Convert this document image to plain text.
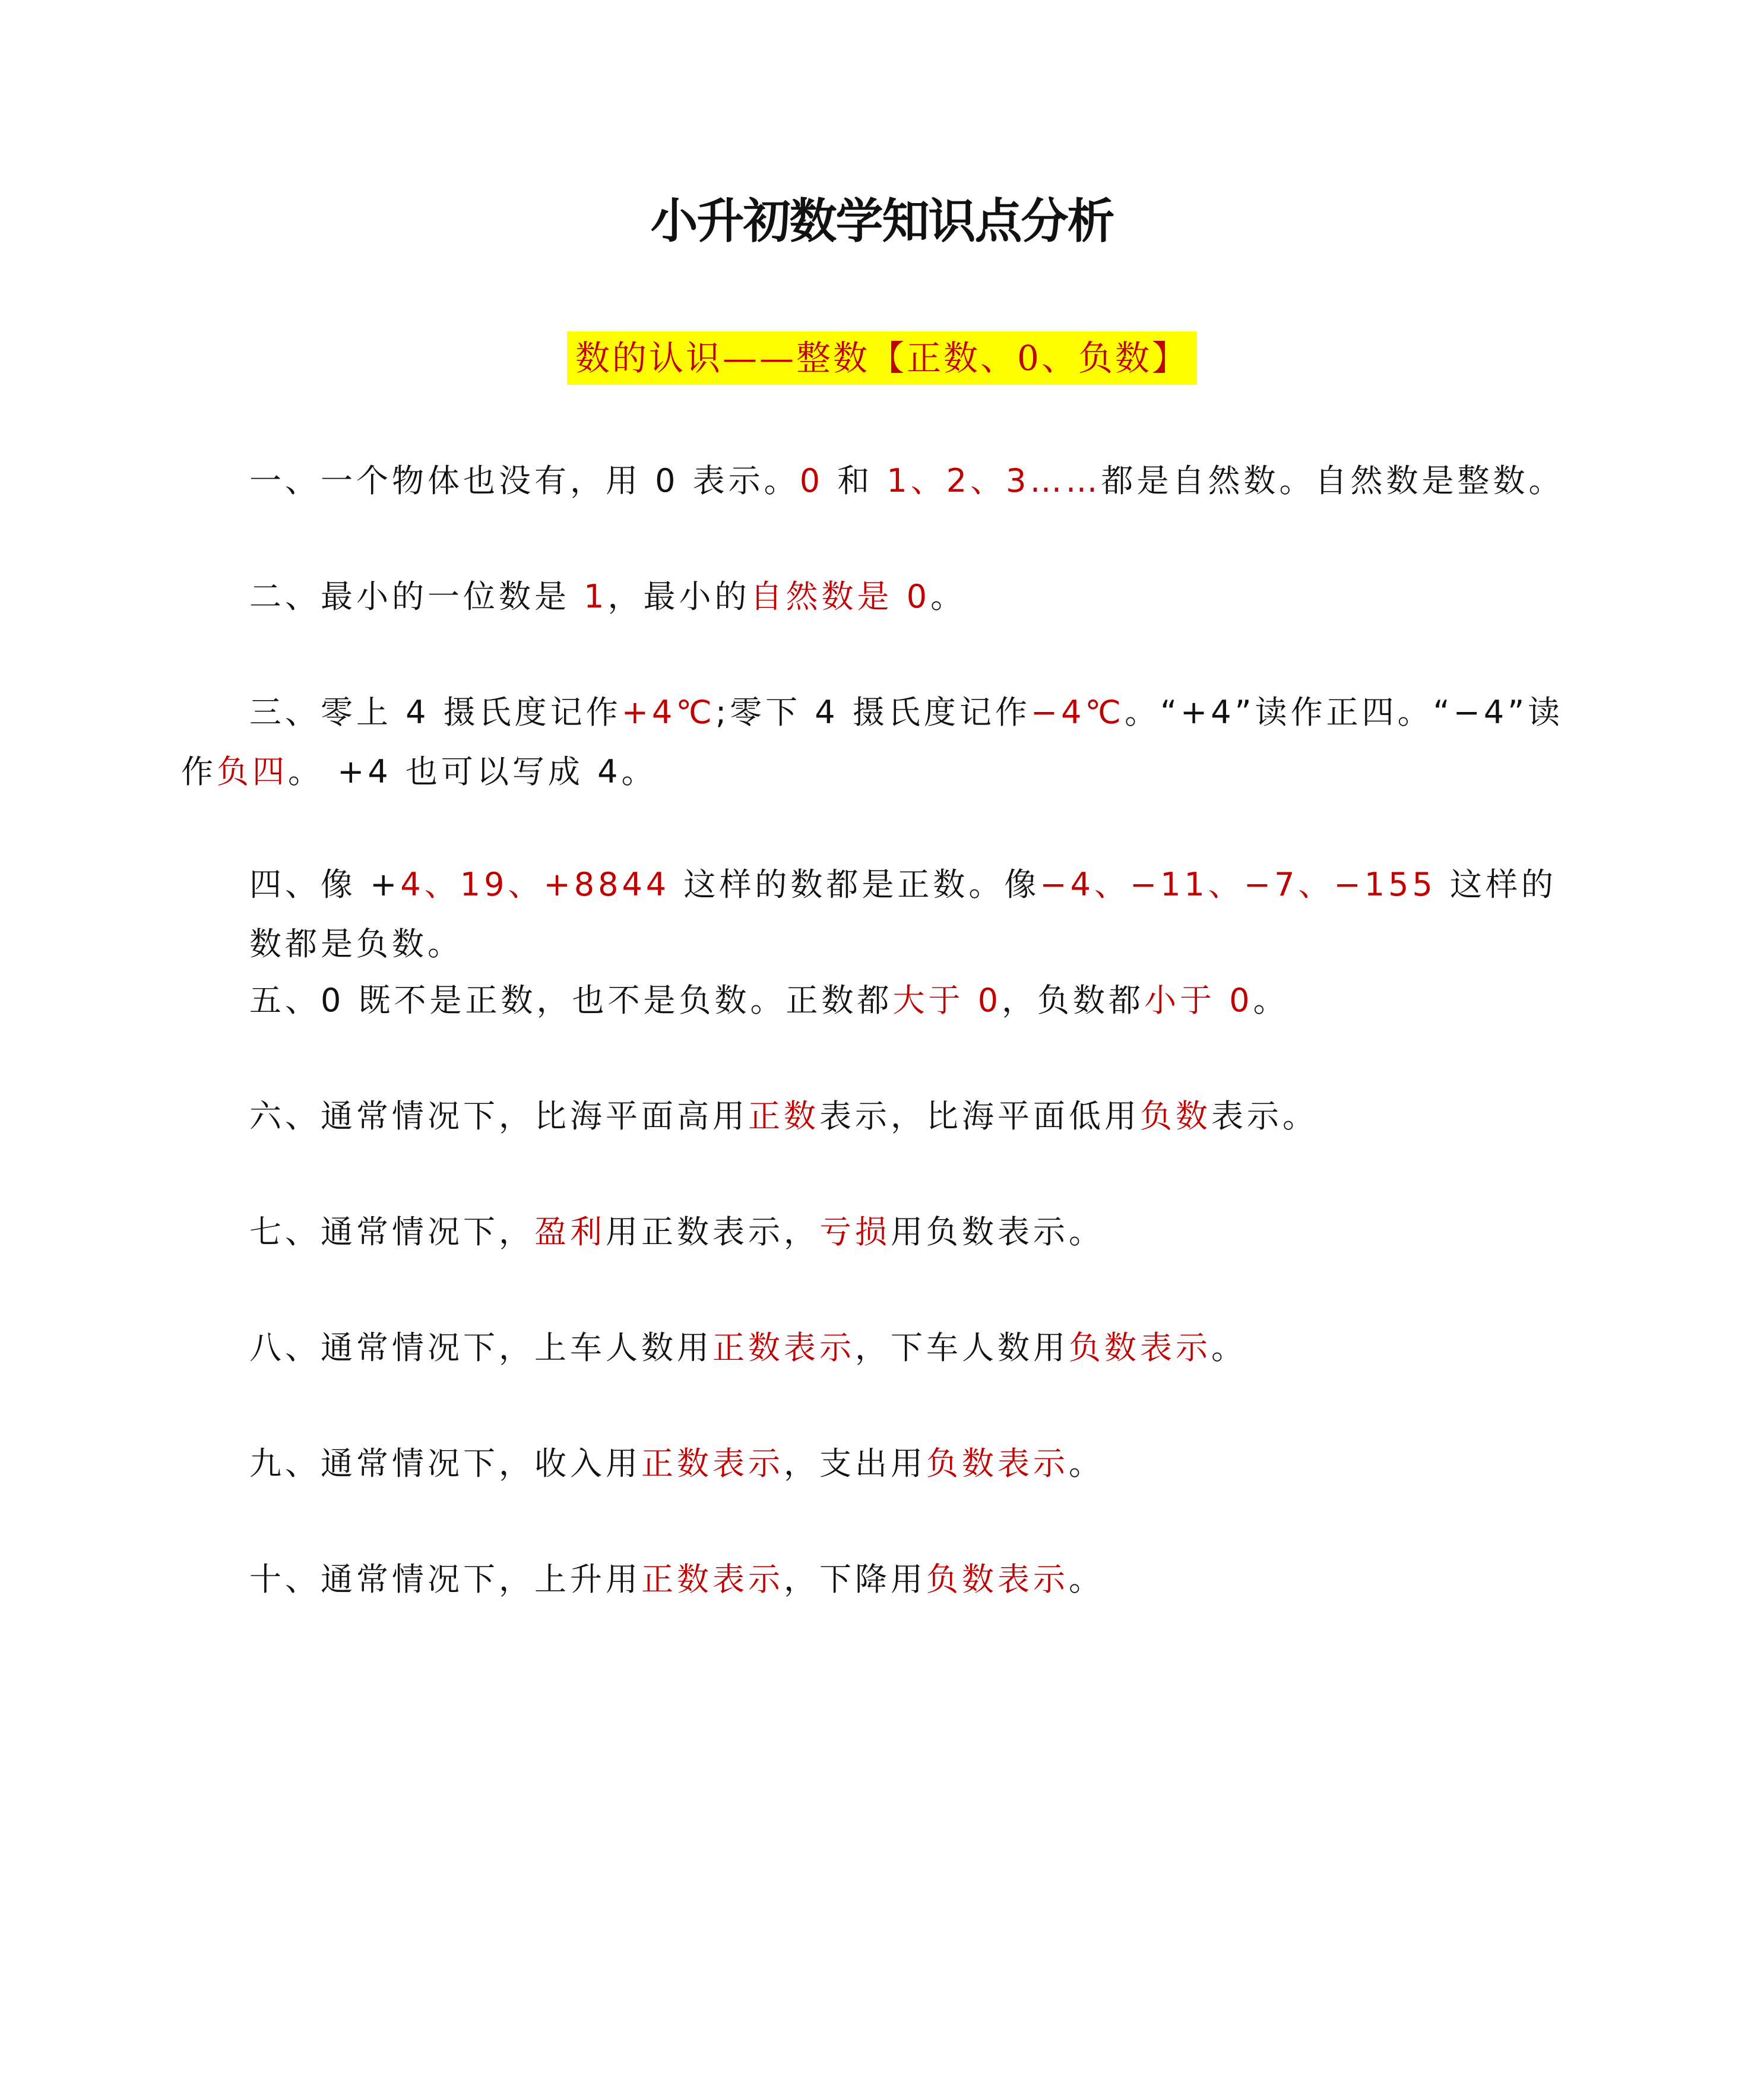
小升初数学知识点分析
数的认识——整数【正数、0、负数】
一、一个物体也没有，用 0 表示。0 和 1、2、3……都是自然数。自然数是整数。
二、最小的一位数是 1，最小的自然数是 0。
三、零上 4 摄氏度记作+4℃;零下 4 摄氏度记作−4℃。“+4”读作正四。“−4”读作负四。 +4 也可以写成 4。
四、像 +4、19、+8844 这样的数都是正数。像−4、−11、−7、−155 这样的数都是负数。
五、0 既不是正数，也不是负数。正数都大于 0，负数都小于 0。
六、通常情况下，比海平面高用正数表示，比海平面低用负数表示。
七、通常情况下，盈利用正数表示，亏损用负数表示。
八、通常情况下，上车人数用正数表示，下车人数用负数表示。
九、通常情况下，收入用正数表示，支出用负数表示。
十、通常情况下，上升用正数表示，下降用负数表示。
